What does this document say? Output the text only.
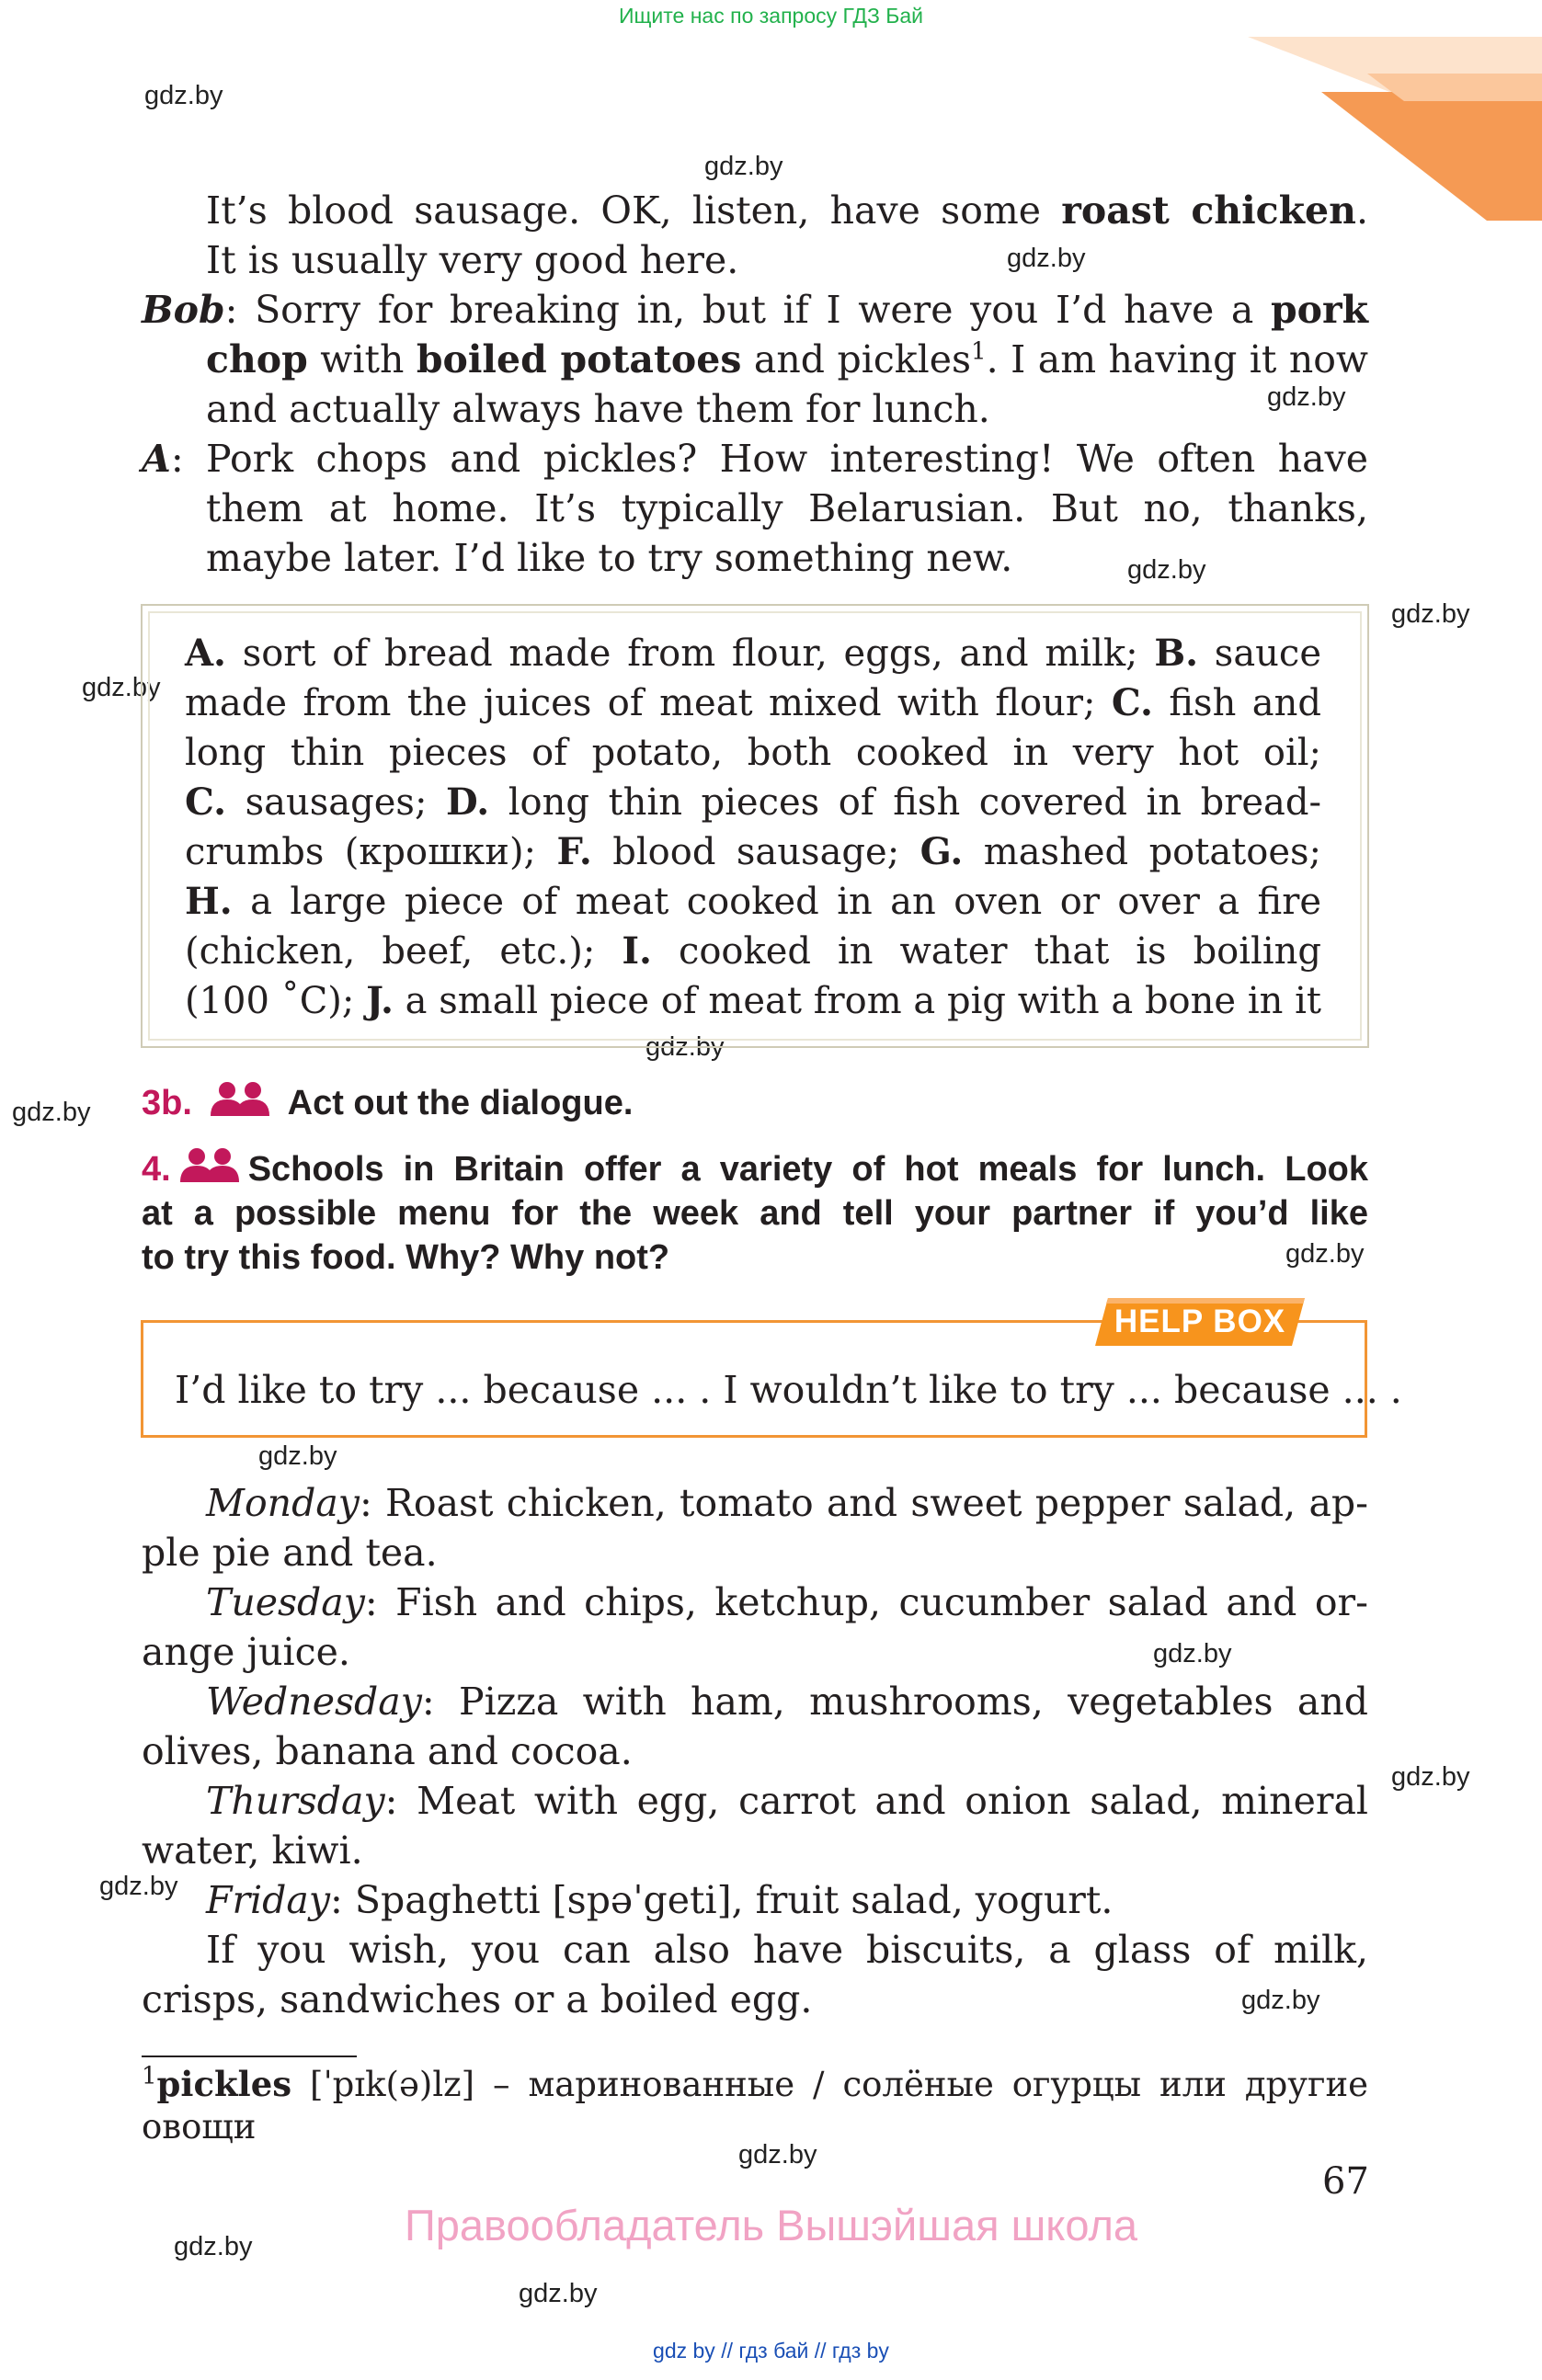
Ищите нас по запросу ГДЗ Бай
gdz.by
gdz.by
gdz.by
gdz.by
gdz.by
gdz.by
gdz.by
gdz.by
gdz.by
gdz.by
gdz.by
gdz.by
gdz.by
gdz.by
gdz.by
gdz.by
gdz.by
gdz.by
It’s blood sausage. OK, listen, have some roast chicken.
It is usually very good here.
Bob: Sorry for breaking in, but if I were you I’d have a pork
chop with boiled potatoes and pickles$^1$. I am having it now
and actually always have them for lunch.
A: Pork chops and pickles? How interesting! We often have
them at home. It’s typically Belarusian. But no, thanks,
maybe later. I’d like to try something new.
A. sort of bread made from flour, eggs, and milk; B. sauce
made from the juices of meat mixed with flour; C. fish and
long thin pieces of potato, both cooked in very hot oil;
C. sausages; D. long thin pieces of fish covered in bread-
crumbs (крошки); F. blood sausage; G. mashed potatoes;
H. a large piece of meat cooked in an oven or over a fire
(chicken, beef, etc.); I. cooked in water that is boiling
(100 ˚C); J. a small piece of meat from a pig with a bone in it
3b.	Act out the dialogue.
4. Schools in Britain offer a variety of hot meals for lunch. Look
at a possible menu for the week and tell your partner if you’d like
to try this food. Why? Why not?
HELP BOX
I’d like to try ... because ... . I wouldn’t like to try ... because ... .
Monday: Roast chicken, tomato and sweet pepper salad, ap-
ple pie and tea.
Tuesday: Fish and chips, ketchup, cucumber salad and or-
ange juice.
Wednesday: Pizza with ham, mushrooms, vegetables and
olives, banana and cocoa.
Thursday: Meat with egg, carrot and onion salad, mineral
water, kiwi.
Friday: Spaghetti [spəˈgeti], fruit salad, yogurt.
If you wish, you can also have biscuits, a glass of milk,
crisps, sandwiches or a boiled egg.
$^1$pickles [ˈpɪk(ə)lz] – маринованные / солёные огурцы или другие
овощи
67
Правообладатель Вышэйшая школа
gdz by // гдз бай // гдз by
